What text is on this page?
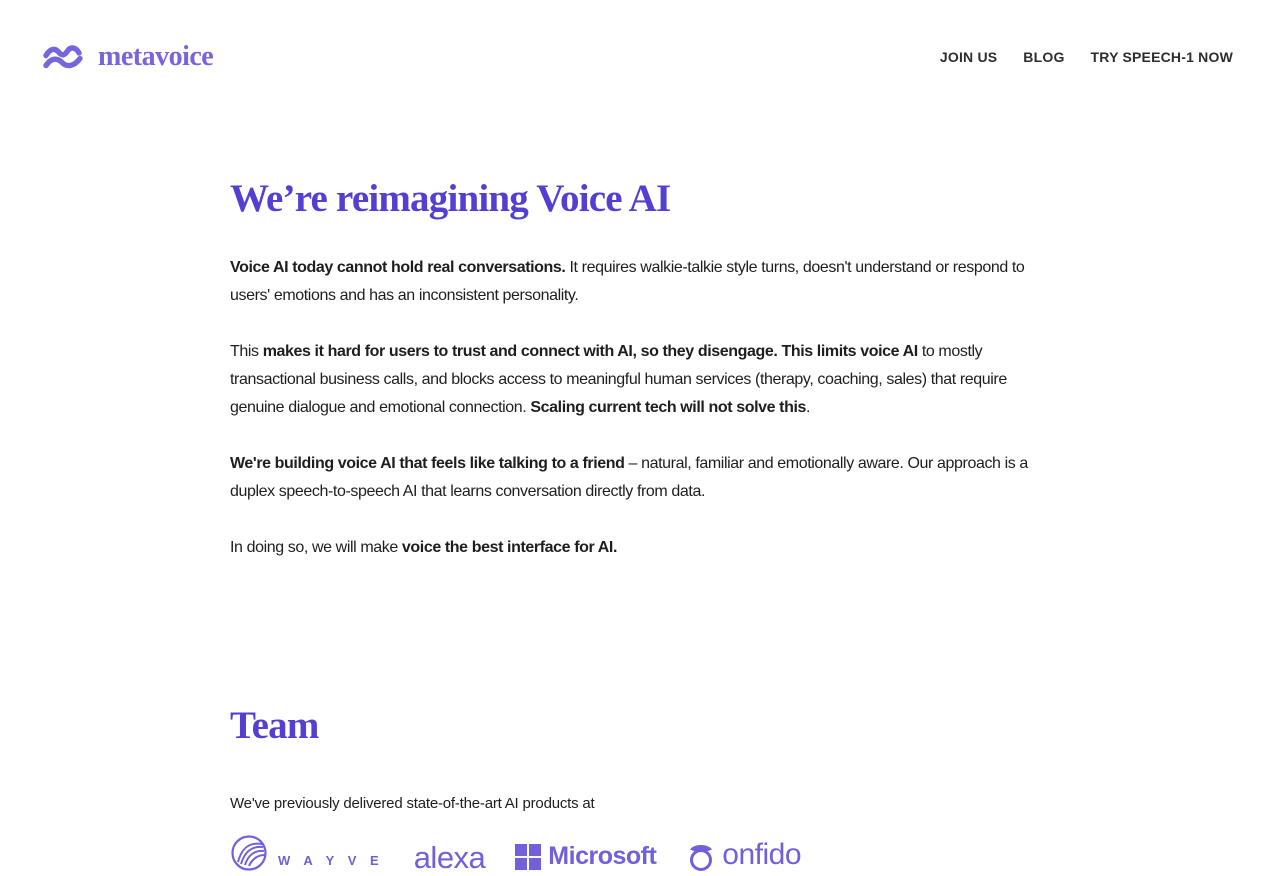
metavoice	JOIN US BLOG TRY SPEECH-1 NOW
We’re reimagining Voice AI

Voice AI today cannot hold real conversations. It requires walkie-talkie style turns, doesn't understand or respond to users' emotions and has an inconsistent personality.

This makes it hard for users to trust and connect with AI, so they disengage. This limits voice AI to mostly transactional business calls, and blocks access to meaningful human services (therapy, coaching, sales) that require genuine dialogue and emotional connection. Scaling current tech will not solve this.

We're building voice AI that feels like talking to a friend – natural, familiar and emotionally aware. Our approach is a duplex speech-to-speech AI that learns conversation directly from data.

In doing so, we will make voice the best interface for AI.

Team

We've previously delivered state-of-the-art AI products at

W A Y V E alexa	Microsoft onfido
